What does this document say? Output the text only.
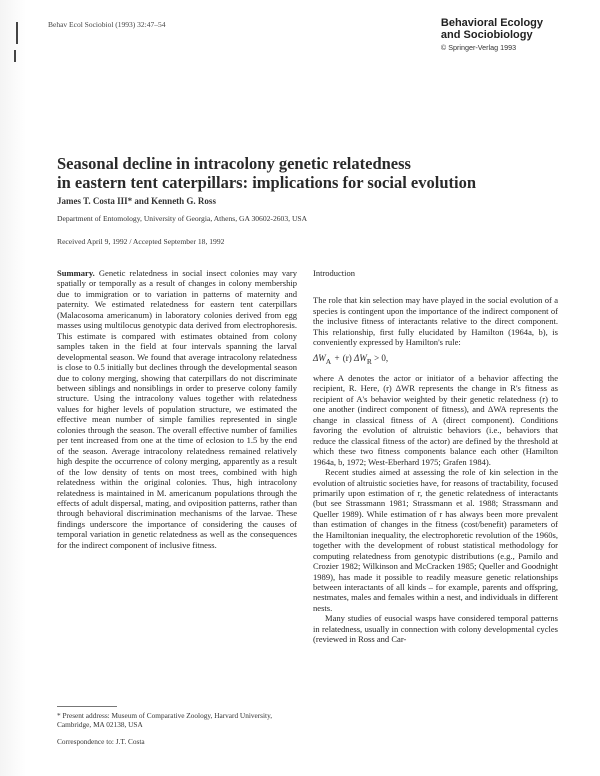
Behav Ecol Sociobiol (1993) 32:47–54	Behavioral Ecology
and Sociobiology
© Springer-Verlag 1993
Seasonal decline in intracolony genetic relatedness
in eastern tent caterpillars: implications for social evolution
James T. Costa III* and Kenneth G. Ross
Department of Entomology, University of Georgia, Athens, GA 30602-2603, USA
Received April 9, 1992 / Accepted September 18, 1992

Summary. Genetic relatedness in social insect colonies may vary spatially or temporally as a result of changes in colony membership due to immigration or to variation in patterns of maternity and paternity. We estimated relatedness for eastern tent caterpillars (Malacosoma americanum) in laboratory colonies derived from egg masses using multilocus genotypic data derived from electrophoresis. This estimate is compared with estimates obtained from colony samples taken in the field at four intervals spanning the larval developmental season. We found that average intracolony relatedness is close to 0.5 initially but declines through the developmental season due to colony merging, showing that caterpillars do not discriminate between siblings and nonsiblings in order to preserve colony family structure. Using the intracolony values together with relatedness values for higher levels of population structure, we estimated the effective mean number of simple families represented in single colonies through the season. The overall effective number of families per tent increased from one at the time of eclosion to 1.5 by the end of the season. Average intracolony relatedness remained relatively high despite the occurrence of colony merging, apparently as a result of the low density of tents on most trees, combined with high relatedness within the original colonies. Thus, high intracolony relatedness is maintained in M. americanum populations through the effects of adult dispersal, mating, and oviposition patterns, rather than through behavioral discrimination mechanisms of the larvae. These findings underscore the importance of considering the causes of temporal variation in genetic relatedness as well as the consequences for the indirect component of inclusive fitness.

Introduction

The role that kin selection may have played in the social evolution of a species is contingent upon the importance of the indirect component of the inclusive fitness of interactants relative to the direct component. This relationship, first fully elucidated by Hamilton (1964a, b), is conveniently expressed by Hamilton's rule:

$\Delta W_A + (r) \Delta W_R > 0$,

where A denotes the actor or initiator of a behavior affecting the recipient, R. Here, (r) ΔWR represents the change in R's fitness as recipient of A's behavior weighted by their genetic relatedness (r) to one another (indirect component of fitness), and ΔWA represents the change in classical fitness of A (direct component). Conditions favoring the evolution of altruistic behaviors (i.e., behaviors that reduce the classical fitness of the actor) are defined by the threshold at which these two fitness components balance each other (Hamilton 1964a, b, 1972; West-Eberhard 1975; Grafen 1984).

Recent studies aimed at assessing the role of kin selection in the evolution of altruistic societies have, for reasons of tractability, focused primarily upon estimation of r, the genetic relatedness of interactants (but see Strassmann 1981; Strassmann et al. 1988; Strassmann and Queller 1989). While estimation of r has always been more prevalent than estimation of changes in the fitness (cost/benefit) parameters of the Hamiltonian inequality, the electrophoretic revolution of the 1960s, together with the development of robust statistical methodology for computing relatedness from genotypic distributions (e.g., Pamilo and Crozier 1982; Wilkinson and McCracken 1985; Queller and Goodnight 1989), has made it possible to readily measure genetic relationships between interactants of all kinds – for example, parents and offspring, nestmates, males and females within a nest, and individuals in different nests.

Many studies of eusocial wasps have considered temporal patterns in relatedness, usually in connection with colony developmental cycles (reviewed in Ross and Car-

* Present address: Museum of Comparative Zoology, Harvard University, Cambridge, MA 02138, USA
Correspondence to: J.T. Costa
